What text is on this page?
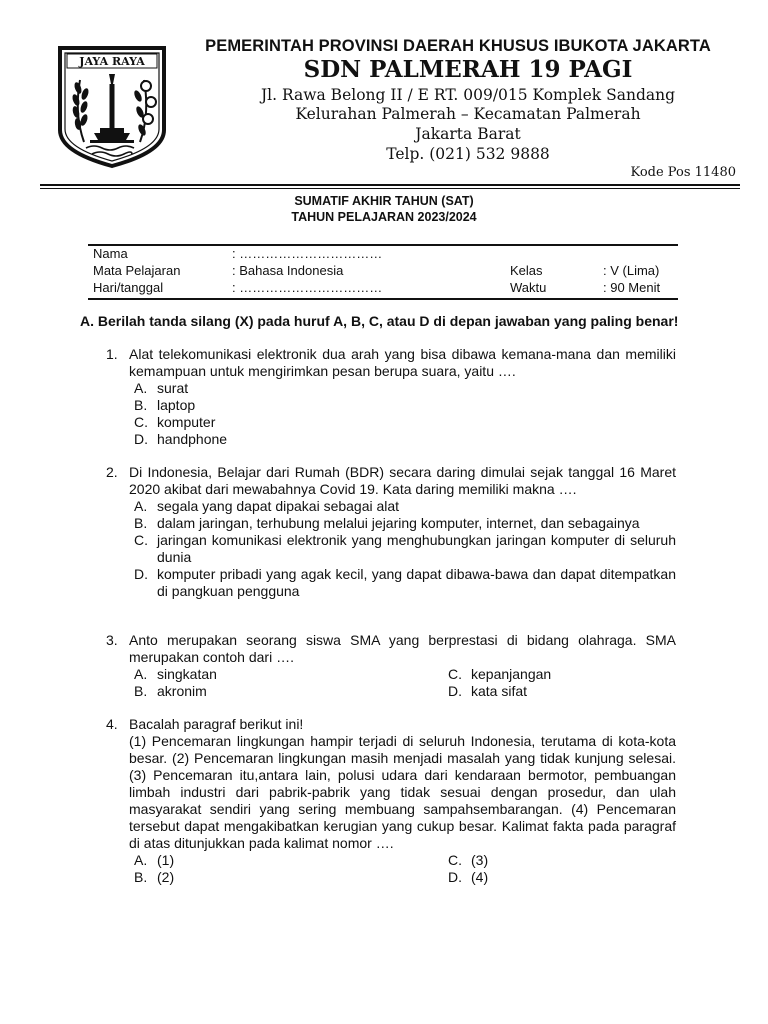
JAYA RAYA
PEMERINTAH PROVINSI DAERAH KHUSUS IBUKOTA JAKARTA
SDN PALMERAH 19 PAGI
Jl. Rawa Belong II / E RT. 009/015 Komplek Sandang
Kelurahan Palmerah – Kecamatan Palmerah
Jakarta Barat
Telp. (021) 532 9888
Kode Pos 11480
SUMATIF AKHIR TAHUN (SAT)
TAHUN PELAJARAN 2023/2024
Nama	: ……………………………
Mata Pelajaran	: Bahasa Indonesia	Kelas	: V (Lima)
Hari/tanggal	: ……………………………	Waktu	: 90 Menit
A. Berilah tanda silang (X) pada huruf A, B, C, atau D di depan jawaban yang paling benar!
1. Alat telekomunikasi elektronik dua arah yang bisa dibawa kemana-mana dan memiliki kemampuan untuk mengirimkan pesan berupa suara, yaitu ….
A. surat
B. laptop
C. komputer
D. handphone
2. Di Indonesia, Belajar dari Rumah (BDR) secara daring dimulai sejak tanggal 16 Maret 2020 akibat dari mewabahnya Covid 19. Kata daring memiliki makna ….
A. segala yang dapat dipakai sebagai alat
B. dalam jaringan, terhubung melalui jejaring komputer, internet, dan sebagainya
C. jaringan komunikasi elektronik yang menghubungkan jaringan komputer di seluruh dunia
D. komputer pribadi yang agak kecil, yang dapat dibawa-bawa dan dapat ditempatkan di pangkuan pengguna
3. Anto merupakan seorang siswa SMA yang berprestasi di bidang olahraga. SMA merupakan contoh dari ….
A. singkatan	C. kepanjangan
B. akronim	D. kata sifat
4. Bacalah paragraf berikut ini!
(1) Pencemaran lingkungan hampir terjadi di seluruh Indonesia, terutama di kota-kota besar. (2) Pencemaran lingkungan masih menjadi masalah yang tidak kunjung selesai. (3) Pencemaran itu,antara lain, polusi udara dari kendaraan bermotor, pembuangan limbah industri dari pabrik-pabrik yang tidak sesuai dengan prosedur, dan ulah masyarakat sendiri yang sering membuang sampahsembarangan. (4) Pencemaran tersebut dapat mengakibatkan kerugian yang cukup besar. Kalimat fakta pada paragraf di atas ditunjukkan pada kalimat nomor ….
A. (1)	C. (3)
B. (2)	D. (4)
